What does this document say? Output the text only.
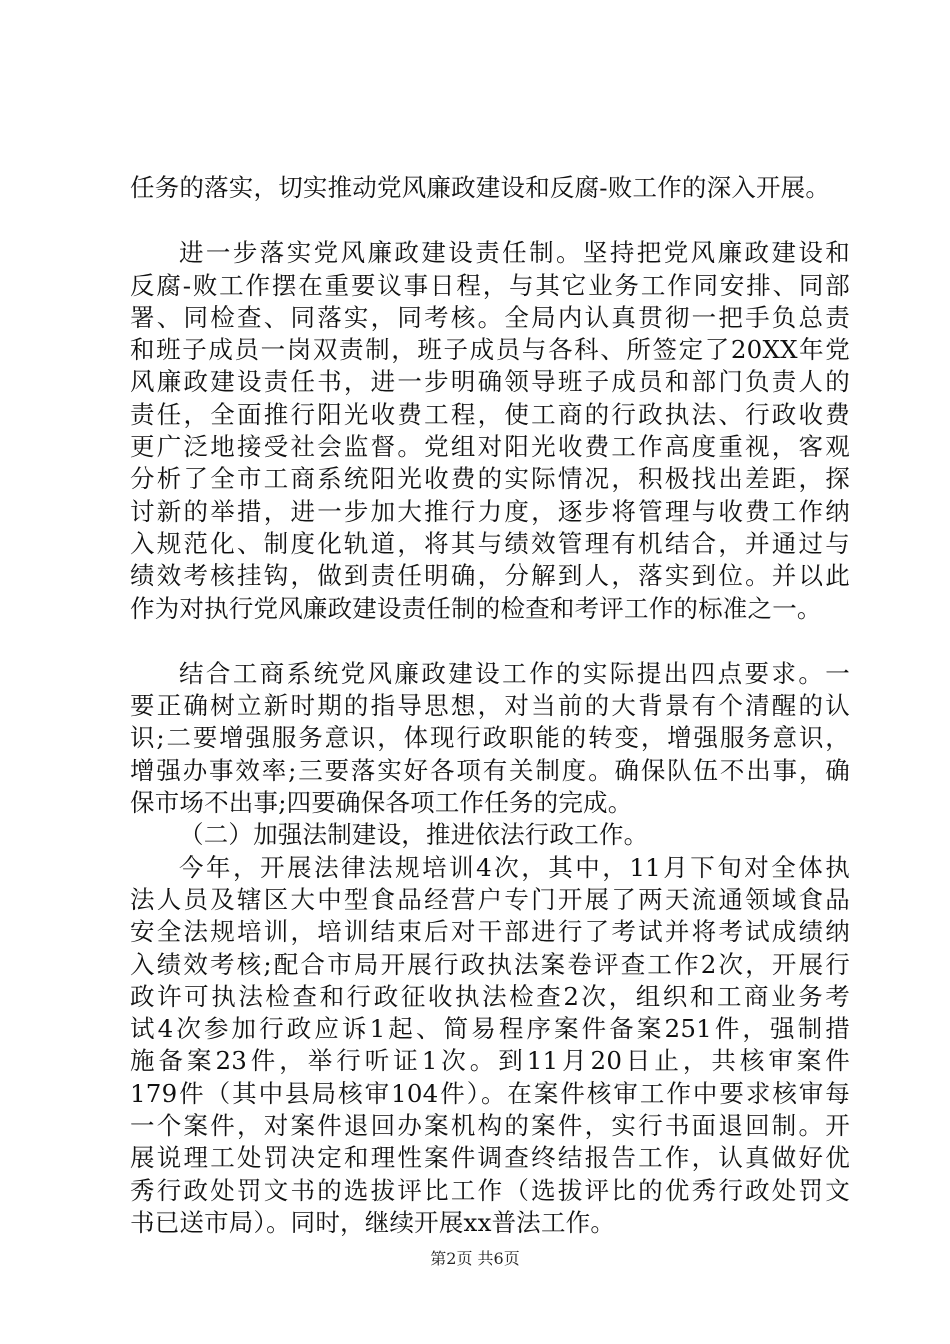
任务的落实，切实推动党风廉政建设和反腐-败工作的深入开展。
进一步落实党风廉政建设责任制。坚持把党风廉政建设和
反腐-败工作摆在重要议事日程，与其它业务工作同安排、同部
署、同检查、同落实，同考核。全局内认真贯彻一把手负总责
和班子成员一岗双责制，班子成员与各科、所签定了20XX年党
风廉政建设责任书，进一步明确领导班子成员和部门负责人的
责任，全面推行阳光收费工程，使工商的行政执法、行政收费
更广泛地接受社会监督。党组对阳光收费工作高度重视，客观
分析了全市工商系统阳光收费的实际情况，积极找出差距，探
讨新的举措，进一步加大推行力度，逐步将管理与收费工作纳
入规范化、制度化轨道，将其与绩效管理有机结合，并通过与
绩效考核挂钩，做到责任明确，分解到人，落实到位。并以此
作为对执行党风廉政建设责任制的检查和考评工作的标准之一。
结合工商系统党风廉政建设工作的实际提出四点要求。一
要正确树立新时期的指导思想，对当前的大背景有个清醒的认
识;二要增强服务意识，体现行政职能的转变，增强服务意识，
增强办事效率;三要落实好各项有关制度。确保队伍不出事，确
保市场不出事;四要确保各项工作任务的完成。
（二）加强法制建设，推进依法行政工作。
今年，开展法律法规培训4次，其中，11月下旬对全体执
法人员及辖区大中型食品经营户专门开展了两天流通领域食品
安全法规培训，培训结束后对干部进行了考试并将考试成绩纳
入绩效考核;配合市局开展行政执法案卷评查工作2次，开展行
政许可执法检查和行政征收执法检查2次，组织和工商业务考
试4次参加行政应诉1起、简易程序案件备案251件，强制措
施备案23件，举行听证1次。到11月20日止，共核审案件
179件（其中县局核审104件）。在案件核审工作中要求核审每
一个案件，对案件退回办案机构的案件，实行书面退回制。开
展说理工处罚决定和理性案件调查终结报告工作，认真做好优
秀行政处罚文书的选拔评比工作（选拔评比的优秀行政处罚文
书已送市局）。同时，继续开展xx普法工作。
第2页 共6页
